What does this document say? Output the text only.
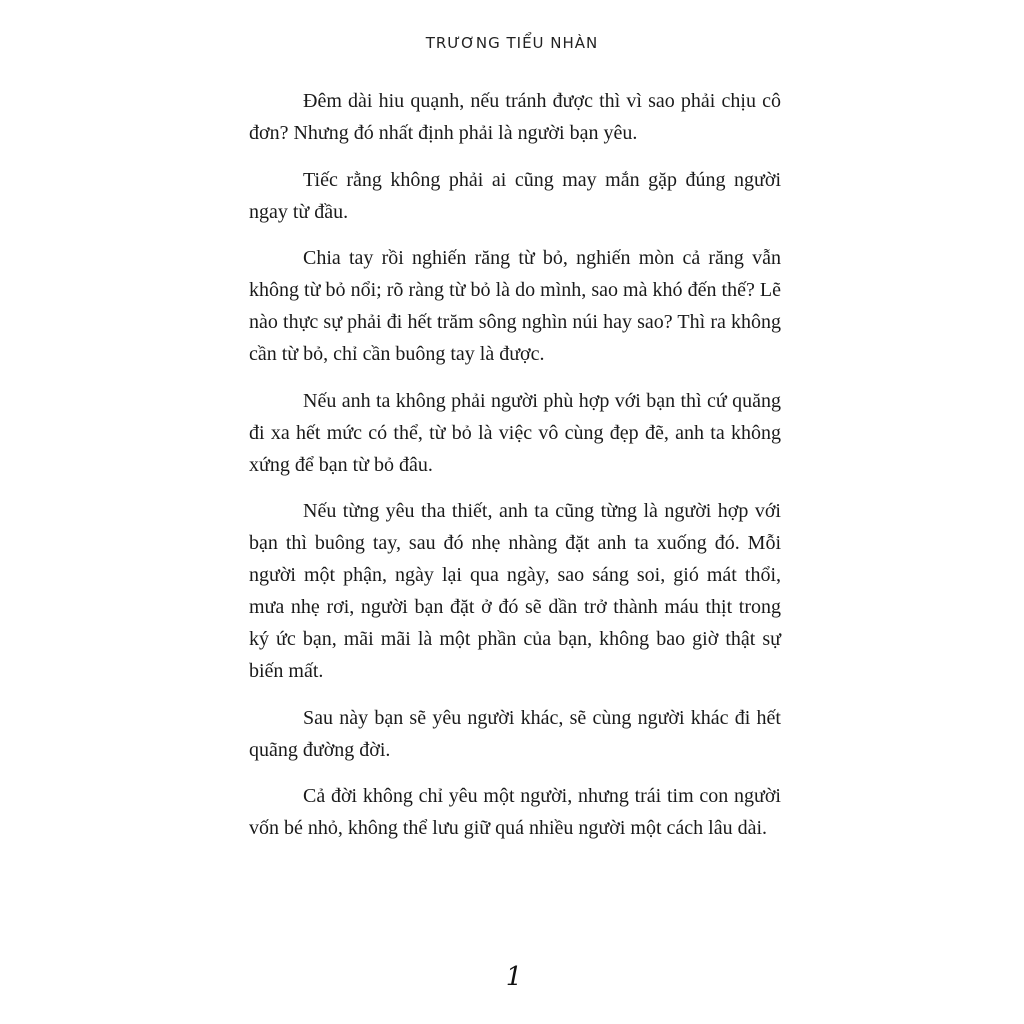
TRƯƠNG TIỂU NHÀN

Đêm dài hiu quạnh, nếu tránh được thì vì sao phải chịu cô đơn? Nhưng đó nhất định phải là người bạn yêu.

Tiếc rằng không phải ai cũng may mắn gặp đúng người ngay từ đầu.

Chia tay rồi nghiến răng từ bỏ, nghiến mòn cả răng vẫn không từ bỏ nổi; rõ ràng từ bỏ là do mình, sao mà khó đến thế? Lẽ nào thực sự phải đi hết trăm sông nghìn núi hay sao? Thì ra không cần từ bỏ, chỉ cần buông tay là được.

Nếu anh ta không phải người phù hợp với bạn thì cứ quăng đi xa hết mức có thể, từ bỏ là việc vô cùng đẹp đẽ, anh ta không xứng để bạn từ bỏ đâu.

Nếu từng yêu tha thiết, anh ta cũng từng là người hợp với bạn thì buông tay, sau đó nhẹ nhàng đặt anh ta xuống đó. Mỗi người một phận, ngày lại qua ngày, sao sáng soi, gió mát thổi, mưa nhẹ rơi, người bạn đặt ở đó sẽ dần trở thành máu thịt trong ký ức bạn, mãi mãi là một phần của bạn, không bao giờ thật sự biến mất.

Sau này bạn sẽ yêu người khác, sẽ cùng người khác đi hết quãng đường đời.

Cả đời không chỉ yêu một người, nhưng trái tim con người vốn bé nhỏ, không thể lưu giữ quá nhiều người một cách lâu dài.

1
